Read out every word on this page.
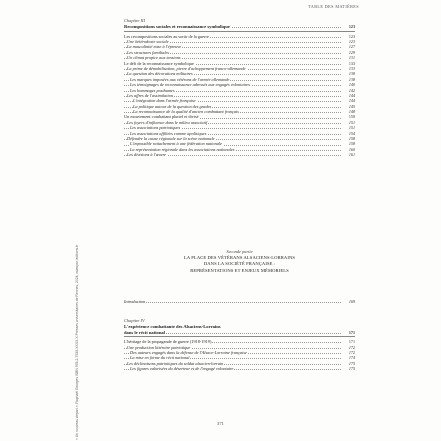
TABLE DES MATIÈRES
« Un nouveau départ », Raphaël Georges ISBN 978-2-7535-XXXX-X Presses universitaires de Rennes, 2024, www.pur-editions.fr
Chapitre III
Recompositions sociales et reconnaissance symbolique	123
Les recompositions sociales au sortir de la guerre	123
Une hétérodoxie sociale	123
La masculinité mise à l'épreuve	127
Les structures familiales	129
Un climat propice aux tensions	131
Le défi de la reconnaissance symbolique	133
La prime de démobilisation, pierre d'achoppement franco-allemande	133
La question des décorations militaires	138
Les marques imposées aux vétérans de l'armée allemande	138
Les témoignages de reconnaissance adressés aux engagés volontaires	140
Les hommages posthumes	142
Les affres de l'assimilation	144
L'intégration dans l'armée française	144
La politique autour de la question des grades	145
La reconnaissance de la qualité d'ancien combattant français	148
Un mouvement combattant pluriel et divisé	150
Les foyers d'influence dans le milieu associatif	151
Les associations patriotiques	151
Les associations affiliées comme apolitiques	154
Défendre la cause régionale sur la scène nationale	158
L'impossible rattachement à une fédération nationale	158
La représentation régionale dans les associations nationales	160
Les divisions à l'œuvre	161
Seconde partie
LA PLACE DES VÉTÉRANS ALSACIENS-LORRAINS
DANS LA SOCIÉTÉ FRANÇAISE :
REPRÉSENTATIONS ET ENJEUX MÉMORIELS
Introduction	169
Chapitre IV
L'expérience combattante des Alsaciens-Lorrains
dans le récit national	171
L'héritage de la propagande de guerre (1918-1919)	171
Une production littéraire patriotique	172
Des auteurs engagés dans la défense de l'Alsace-Lorraine française	172
La mise en forme du récit national	174
Les déclinaisons patriotiques du soldat alsacien-lorrain	175
Les figures valorisées du déserteur et de l'engagé volontaire	175
371
